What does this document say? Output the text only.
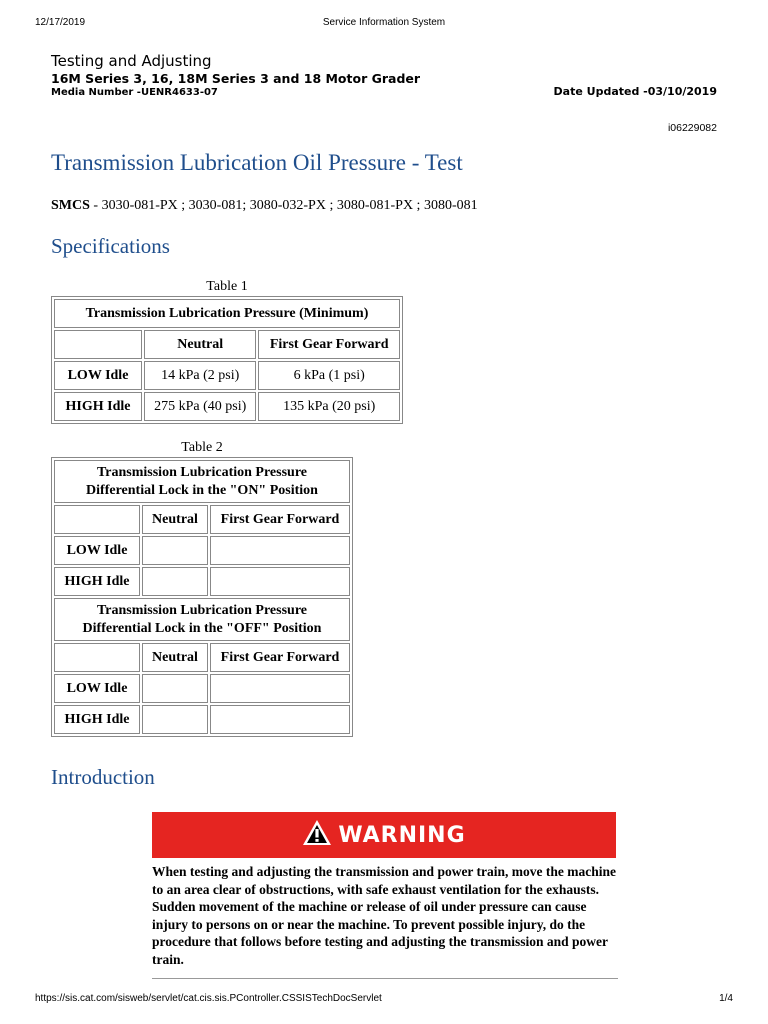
12/17/2019	Service Information System
Testing and Adjusting
16M Series 3, 16, 18M Series 3 and 18 Motor Grader
Media Number -UENR4633-07	Date Updated -03/10/2019
i06229082
Transmission Lubrication Oil Pressure - Test
SMCS - 3030-081-PX ; 3030-081; 3080-032-PX ; 3080-081-PX ; 3080-081
Specifications
Table 1
Transmission Lubrication Pressure (Minimum)		
	Neutral	First Gear Forward
LOW Idle	14 kPa (2 psi)	6 kPa (1 psi)
HIGH Idle	275 kPa (40 psi)	135 kPa (20 psi)
Table 2
Transmission Lubrication Pressure
Differential Lock in the "ON" Position		
	Neutral	First Gear Forward
LOW Idle		
HIGH Idle		
Transmission Lubrication Pressure
Differential Lock in the "OFF" Position		
	Neutral	First Gear Forward
LOW Idle		
HIGH Idle		
Introduction
WARNING
When testing and adjusting the transmission and power train, move the machine to an area clear of obstructions, with safe exhaust ventilation for the exhausts. Sudden movement of the machine or release of oil under pressure can cause injury to persons on or near the machine. To prevent possible injury, do the procedure that follows before testing and adjusting the transmission and power train.
https://sis.cat.com/sisweb/servlet/cat.cis.sis.PController.CSSISTechDocServlet	1/4
